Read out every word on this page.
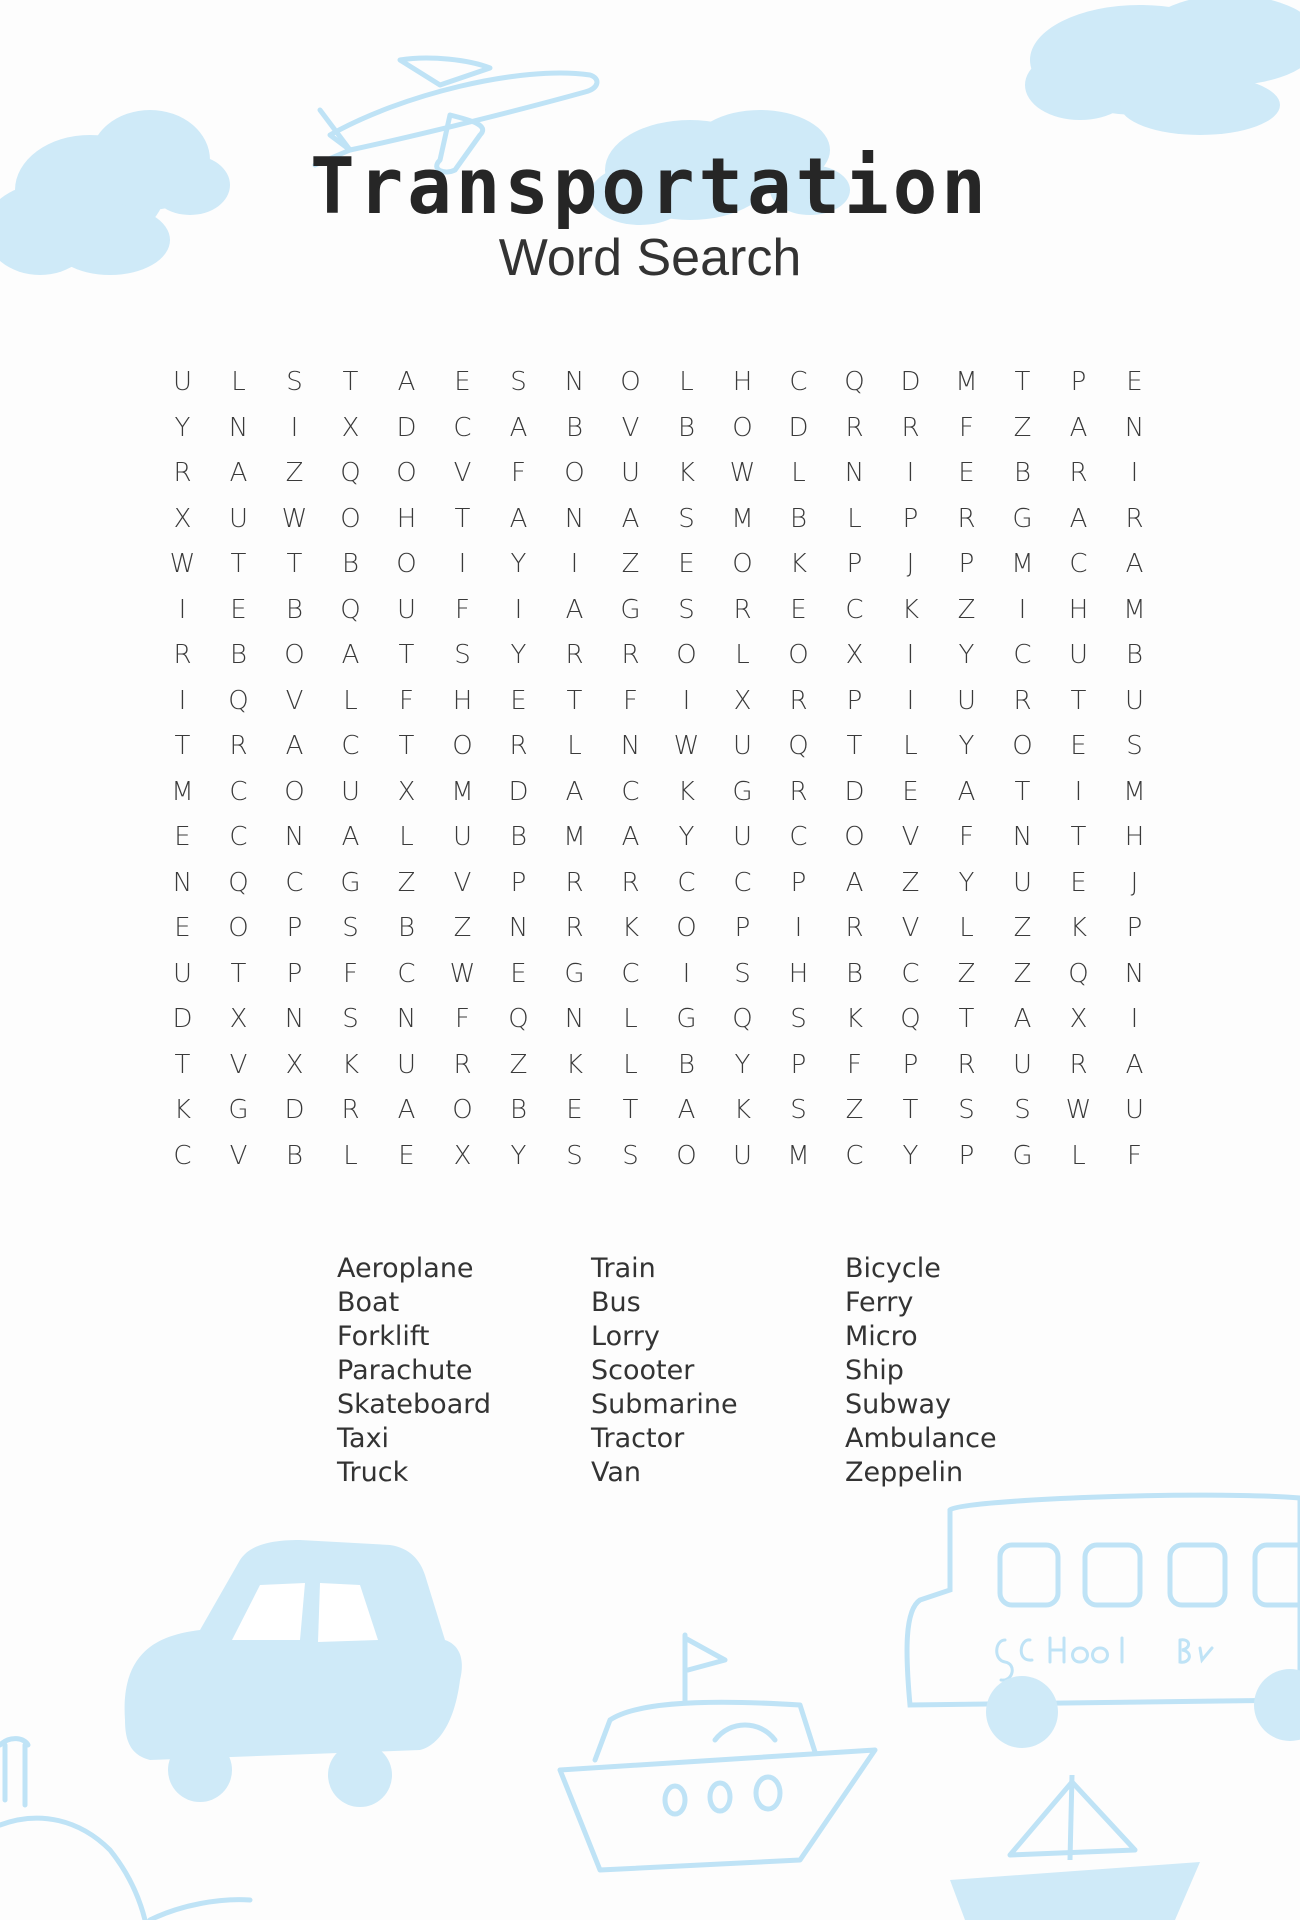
Transportation
Word Search
U	L	S	T	A	E	S	N	O	L	H	C	Q	D	M	T	P	E
Y	N	I	X	D	C	A	B	V	B	O	D	R	R	F	Z	A	N
R	A	Z	Q	O	V	F	O	U	K	W	L	N	I	E	B	R	I
X	U	W	O	H	T	A	N	A	S	M	B	L	P	R	G	A	R
W	T	T	B	O	I	Y	I	Z	E	O	K	P	J	P	M	C	A
I	E	B	Q	U	F	I	A	G	S	R	E	C	K	Z	I	H	M
R	B	O	A	T	S	Y	R	R	O	L	O	X	I	Y	C	U	B
I	Q	V	L	F	H	E	T	F	I	X	R	P	I	U	R	T	U
T	R	A	C	T	O	R	L	N	W	U	Q	T	L	Y	O	E	S
M	C	O	U	X	M	D	A	C	K	G	R	D	E	A	T	I	M
E	C	N	A	L	U	B	M	A	Y	U	C	O	V	F	N	T	H
N	Q	C	G	Z	V	P	R	R	C	C	P	A	Z	Y	U	E	J
E	O	P	S	B	Z	N	R	K	O	P	I	R	V	L	Z	K	P
U	T	P	F	C	W	E	G	C	I	S	H	B	C	Z	Z	Q	N
D	X	N	S	N	F	Q	N	L	G	Q	S	K	Q	T	A	X	I
T	V	X	K	U	R	Z	K	L	B	Y	P	F	P	R	U	R	A
K	G	D	R	A	O	B	E	T	A	K	S	Z	T	S	S	W	U
C	V	B	L	E	X	Y	S	S	O	U	M	C	Y	P	G	L	F
Aeroplane
Boat
Forklift
Parachute
Skateboard
Taxi
Truck
Train
Bus
Lorry
Scooter
Submarine
Tractor
Van
Bicycle
Ferry
Micro
Ship
Subway
Ambulance
Zeppelin
